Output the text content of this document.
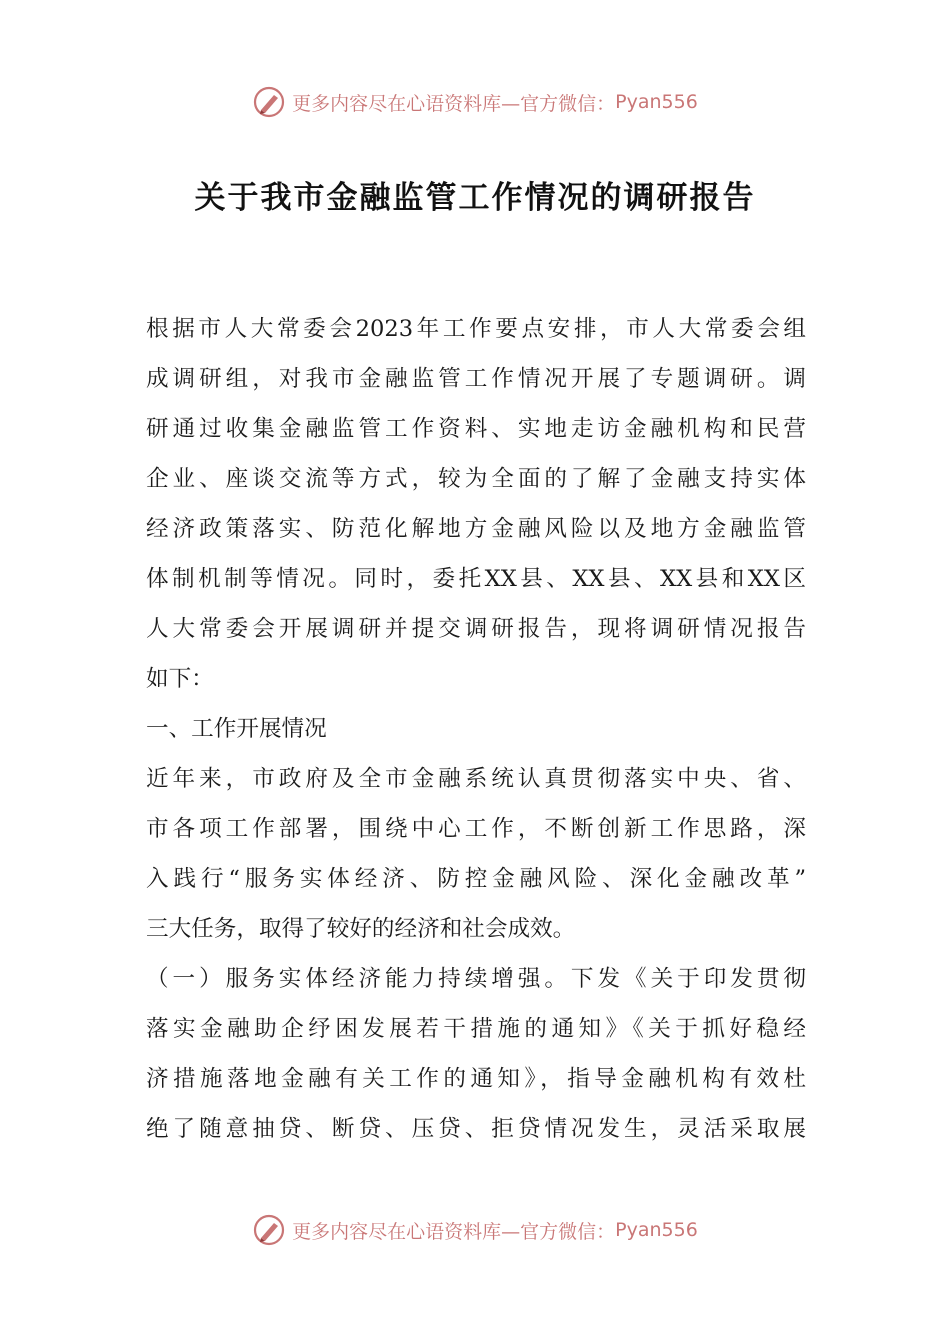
更多内容尽在心语资料库—官方微信： Pyan556
关于我市金融监管工作情况的调研报告
根据市人大常委会2023年工作要点安排，市人大常委会组
成调研组，对我市金融监管工作情况开展了专题调研。调
研通过收集金融监管工作资料、实地走访金融机构和民营
企业、座谈交流等方式，较为全面的了解了金融支持实体
经济政策落实、防范化解地方金融风险以及地方金融监管
体制机制等情况。同时，委托XX县、XX县、XX县和XX区
人大常委会开展调研并提交调研报告，现将调研情况报告
如下：
一、工作开展情况
近年来，市政府及全市金融系统认真贯彻落实中央、省、
市各项工作部署，围绕中心工作，不断创新工作思路，深
入践行“服务实体经济、防控金融风险、深化金融改革”
三大任务，取得了较好的经济和社会成效。
（一）服务实体经济能力持续增强。下发《关于印发贯彻
落实金融助企纾困发展若干措施的通知》《关于抓好稳经
济措施落地金融有关工作的通知》，指导金融机构有效杜
绝了随意抽贷、断贷、压贷、拒贷情况发生，灵活采取展
更多内容尽在心语资料库—官方微信： Pyan556
